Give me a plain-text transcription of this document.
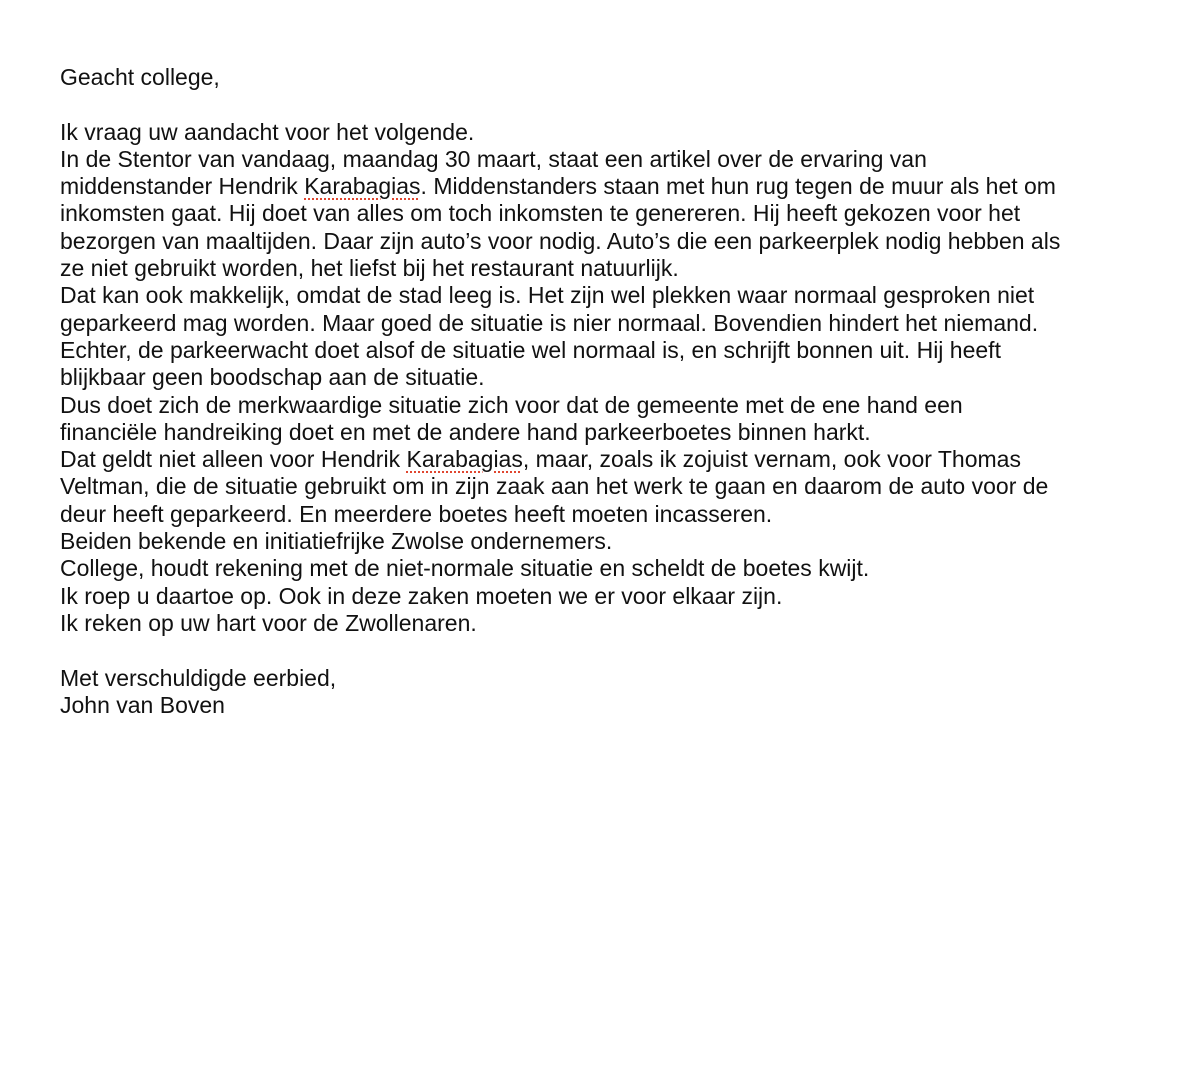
Geacht college,
Ik vraag uw aandacht voor het volgende.
In de Stentor van vandaag, maandag 30 maart, staat een artikel over de ervaring van
middenstander Hendrik Karabagias. Middenstanders staan met hun rug tegen de muur als het om
inkomsten gaat. Hij doet van alles om toch inkomsten te genereren. Hij heeft gekozen voor het
bezorgen van maaltijden. Daar zijn auto’s voor nodig. Auto’s die een parkeerplek nodig hebben als
ze niet gebruikt worden, het liefst bij het restaurant natuurlijk.
Dat kan ook makkelijk, omdat de stad leeg is. Het zijn wel plekken waar normaal gesproken niet
geparkeerd mag worden. Maar goed de situatie is nier normaal. Bovendien hindert het niemand.
Echter, de parkeerwacht doet alsof de situatie wel normaal is, en schrijft bonnen uit. Hij heeft
blijkbaar geen boodschap aan de situatie.
Dus doet zich de merkwaardige situatie zich voor dat de gemeente met de ene hand een
financiële handreiking doet en met de andere hand parkeerboetes binnen harkt.
Dat geldt niet alleen voor Hendrik Karabagias, maar, zoals ik zojuist vernam, ook voor Thomas
Veltman, die de situatie gebruikt om in zijn zaak aan het werk te gaan en daarom de auto voor de
deur heeft geparkeerd. En meerdere boetes heeft moeten incasseren.
Beiden bekende en initiatiefrijke Zwolse ondernemers.
College, houdt rekening met de niet-normale situatie en scheldt de boetes kwijt.
Ik roep u daartoe op. Ook in deze zaken moeten we er voor elkaar zijn.
Ik reken op uw hart voor de Zwollenaren.
Met verschuldigde eerbied,
John van Boven
